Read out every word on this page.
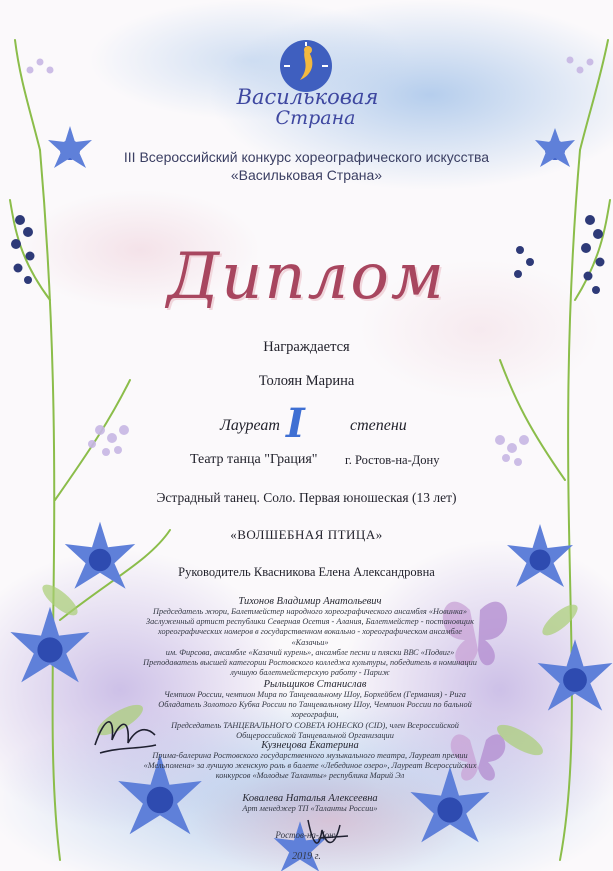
Васильковая
Страна
III Всероссийский конкурс хореографического искусства
«Васильковая Страна»
Диплом
Награждается
Толоян Марина
Лауреат I	степени
Театр танца "Грация" г. Ростов-на-Дону
Эстрадный танец. Соло. Первая юношеская (13 лет)
«ВОЛШЕБНАЯ ПТИЦА»
Руководитель Квасникова Елена Александровна
Тихонов Владимир Анатольевич
Председатель жюри, Балетмейстер народного хореографического ансамбля «Новинка»
Заслуженный артист республики Северная Осетия - Алания, Балетмейстер - постановщик
хореографических номеров в государственном вокально - хореографическом ансамбле «Казачьи»
им. Фирсова, ансамбле «Казачий курень», ансамбле песни и пляски ВВС «Подвиг»
Преподаватель высшей категории Ростовского колледжа культуры, победитель в номинации
лучшую балетмейстерскую работу - Париж
Рыльщиков Станислав
Чемпион России, чемпион Мира по Танцевальному Шоу, Борхейбем (Германия) - Рига
Обладатель Золотого Кубка России по Танцевальному Шоу, Чемпион России по бальной хореографии,
Председатель ТАНЦЕВАЛЬНОГО СОВЕТА ЮНЕСКО (CID), член Всероссийской
Общероссийской Танцевальной Организации
Кузнецова Екатерина
Прима-балерина Ростовского государственного музыкального театра, Лауреат премии
«Мельпомена» за лучшую женскую роль в балете «Лебединое озеро», Лауреат Всероссийских
конкурсов «Молодые Таланты» республика Марий Эл
Ковалева Наталья Алексеевна
Арт менеджер ТП «Таланты России»
Ростов-на-Дону
2019 г.
